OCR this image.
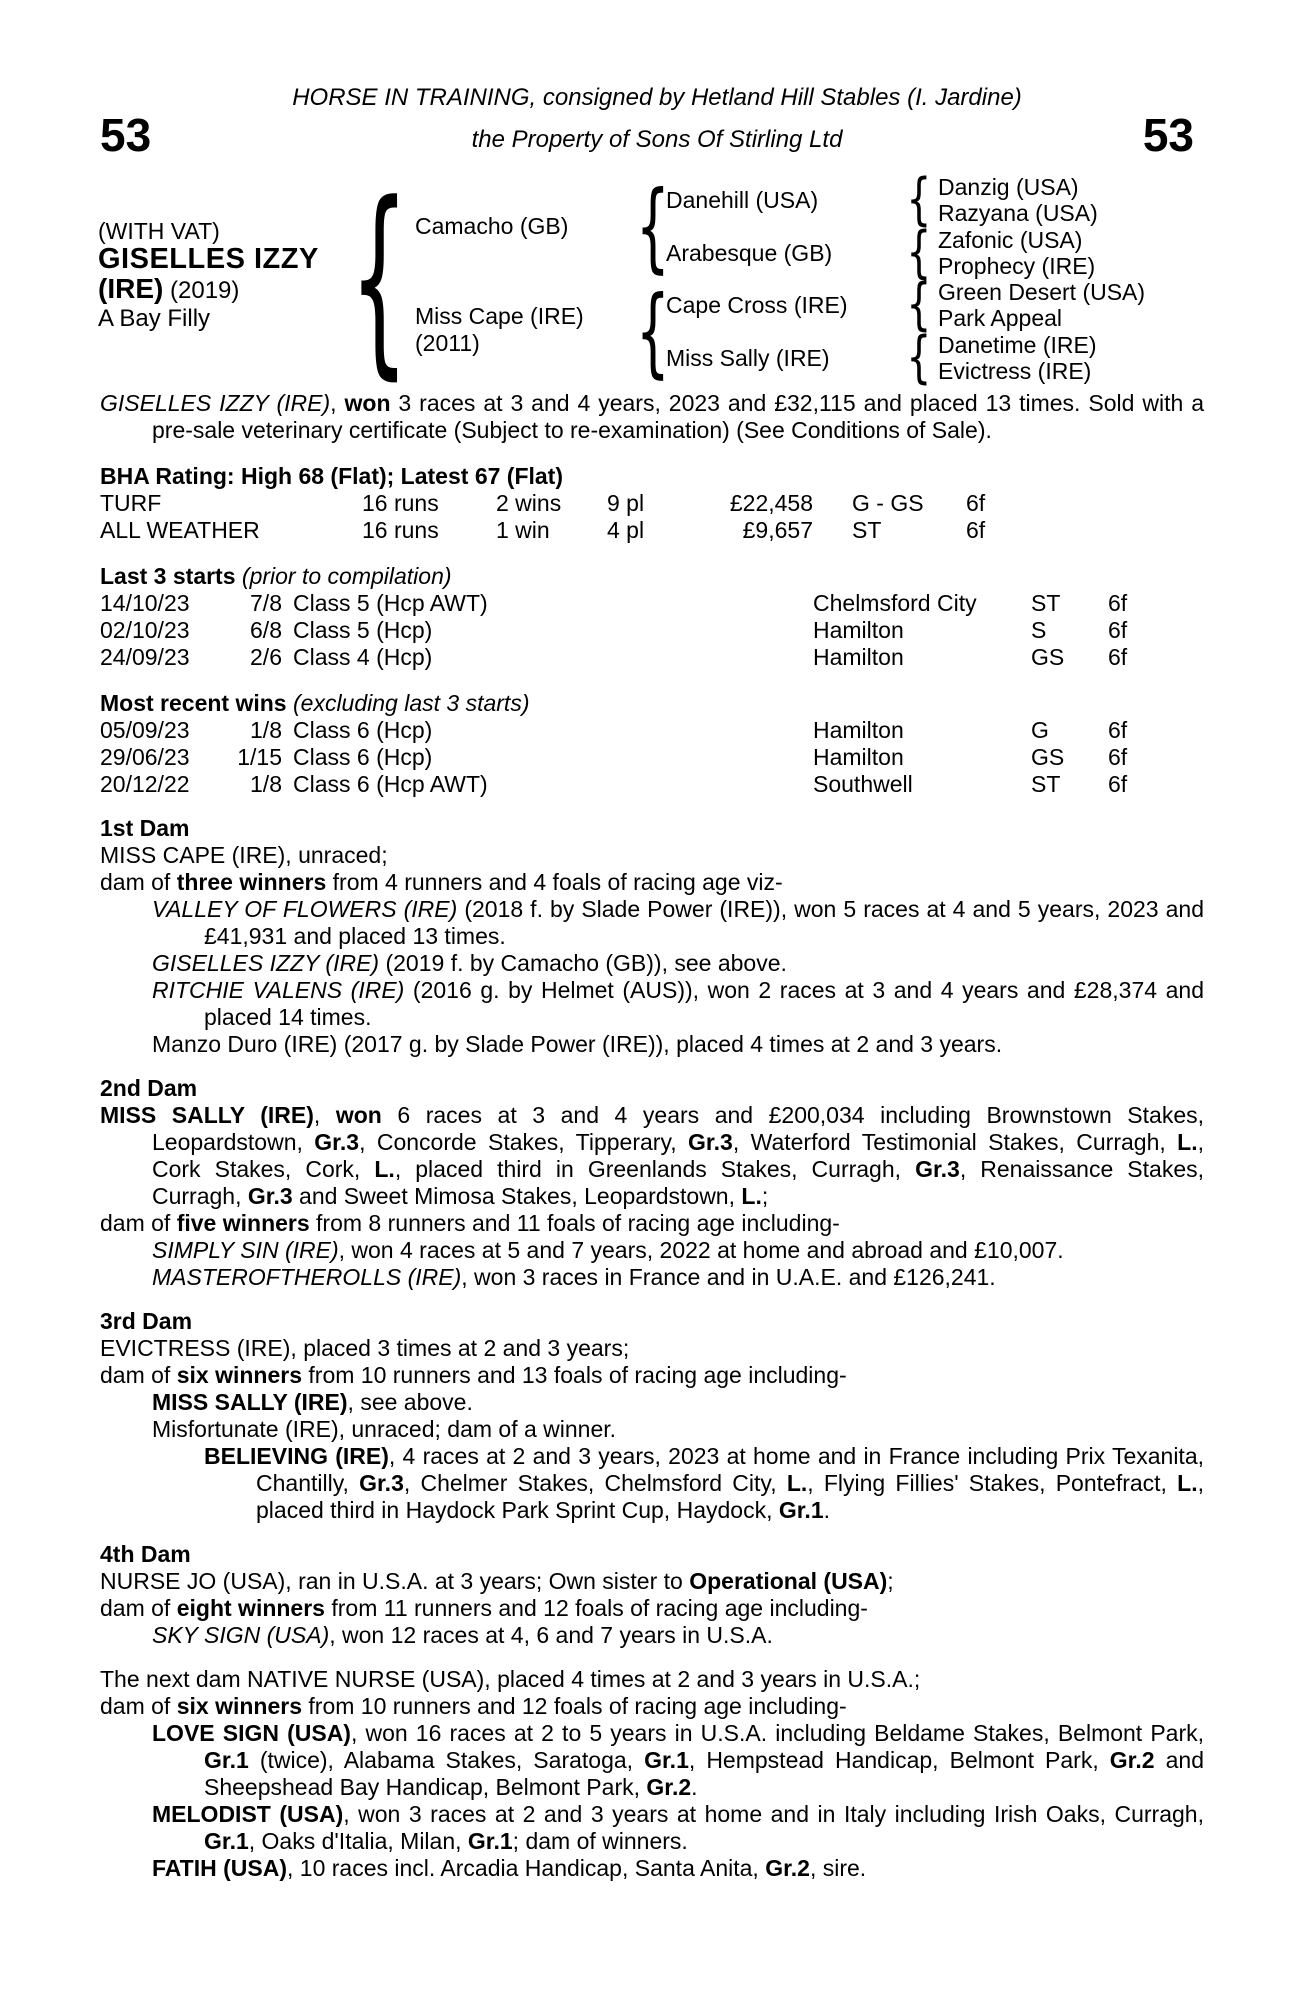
HORSE IN TRAINING, consigned by Hetland Hill Stables (I. Jardine)
the Property of Sons Of Stirling Ltd
53	53
(WITH VAT)
GISELLES IZZY
(IRE) (2019)
A Bay Filly { Camacho (GB)
Miss Cape (IRE)
(2011)
{
{
Danehill (USA)
Arabesque (GB)
Cape Cross (IRE)
Miss Sally (IRE)
{
{
{
{
Danzig (USA)
Razyana (USA)
Zafonic (USA)
Prophecy (IRE)
Green Desert (USA)
Park Appeal
Danetime (IRE)
Evictress (IRE)
GISELLES IZZY (IRE), won 3 races at 3 and 4 years, 2023 and £32,115 and placed 13 times. Sold with a pre-sale veterinary certificate (Subject to re-examination) (See Conditions of Sale).
BHA Rating: High 68 (Flat); Latest 67 (Flat)
TURF	16 runs 2 wins 9 pl	£22,458 G - GS 6f
ALL WEATHER	16 runs 1 win 4 pl	£9,657 ST	6f
Last 3 starts (prior to compilation)
14/10/23	7/8 Class 5 (Hcp AWT)	Chelmsford City ST 6f
02/10/23	6/8 Class 5 (Hcp)	Hamilton	S	6f
24/09/23	2/6 Class 4 (Hcp)	Hamilton	GS 6f
Most recent wins (excluding last 3 starts)
05/09/23	1/8 Class 6 (Hcp)	Hamilton	G	6f
29/06/23	1/15 Class 6 (Hcp)	Hamilton	GS 6f
20/12/22	1/8 Class 6 (Hcp AWT)	Southwell	ST 6f
1st Dam
MISS CAPE (IRE), unraced;
dam of three winners from 4 runners and 4 foals of racing age viz-
VALLEY OF FLOWERS (IRE) (2018 f. by Slade Power (IRE)), won 5 races at 4 and 5 years, 2023 and £41,931 and placed 13 times.
GISELLES IZZY (IRE) (2019 f. by Camacho (GB)), see above.
RITCHIE VALENS (IRE) (2016 g. by Helmet (AUS)), won 2 races at 3 and 4 years and £28,374 and placed 14 times.
Manzo Duro (IRE) (2017 g. by Slade Power (IRE)), placed 4 times at 2 and 3 years.
2nd Dam
MISS SALLY (IRE), won 6 races at 3 and 4 years and £200,034 including Brownstown Stakes, Leopardstown, Gr.3, Concorde Stakes, Tipperary, Gr.3, Waterford Testimonial Stakes, Curragh, L., Cork Stakes, Cork, L., placed third in Greenlands Stakes, Curragh, Gr.3, Renaissance Stakes, Curragh, Gr.3 and Sweet Mimosa Stakes, Leopardstown, L.;
dam of five winners from 8 runners and 11 foals of racing age including-
SIMPLY SIN (IRE), won 4 races at 5 and 7 years, 2022 at home and abroad and £10,007.
MASTEROFTHEROLLS (IRE), won 3 races in France and in U.A.E. and £126,241.
3rd Dam
EVICTRESS (IRE), placed 3 times at 2 and 3 years;
dam of six winners from 10 runners and 13 foals of racing age including-
MISS SALLY (IRE), see above.
Misfortunate (IRE), unraced; dam of a winner.
BELIEVING (IRE), 4 races at 2 and 3 years, 2023 at home and in France including Prix Texanita, Chantilly, Gr.3, Chelmer Stakes, Chelmsford City, L., Flying Fillies' Stakes, Pontefract, L., placed third in Haydock Park Sprint Cup, Haydock, Gr.1.
4th Dam
NURSE JO (USA), ran in U.S.A. at 3 years; Own sister to Operational (USA);
dam of eight winners from 11 runners and 12 foals of racing age including-
SKY SIGN (USA), won 12 races at 4, 6 and 7 years in U.S.A.
The next dam NATIVE NURSE (USA), placed 4 times at 2 and 3 years in U.S.A.;
dam of six winners from 10 runners and 12 foals of racing age including-
LOVE SIGN (USA), won 16 races at 2 to 5 years in U.S.A. including Beldame Stakes, Belmont Park, Gr.1 (twice), Alabama Stakes, Saratoga, Gr.1, Hempstead Handicap, Belmont Park, Gr.2 and Sheepshead Bay Handicap, Belmont Park, Gr.2.
MELODIST (USA), won 3 races at 2 and 3 years at home and in Italy including Irish Oaks, Curragh, Gr.1, Oaks d'Italia, Milan, Gr.1; dam of winners.
FATIH (USA), 10 races incl. Arcadia Handicap, Santa Anita, Gr.2, sire.
